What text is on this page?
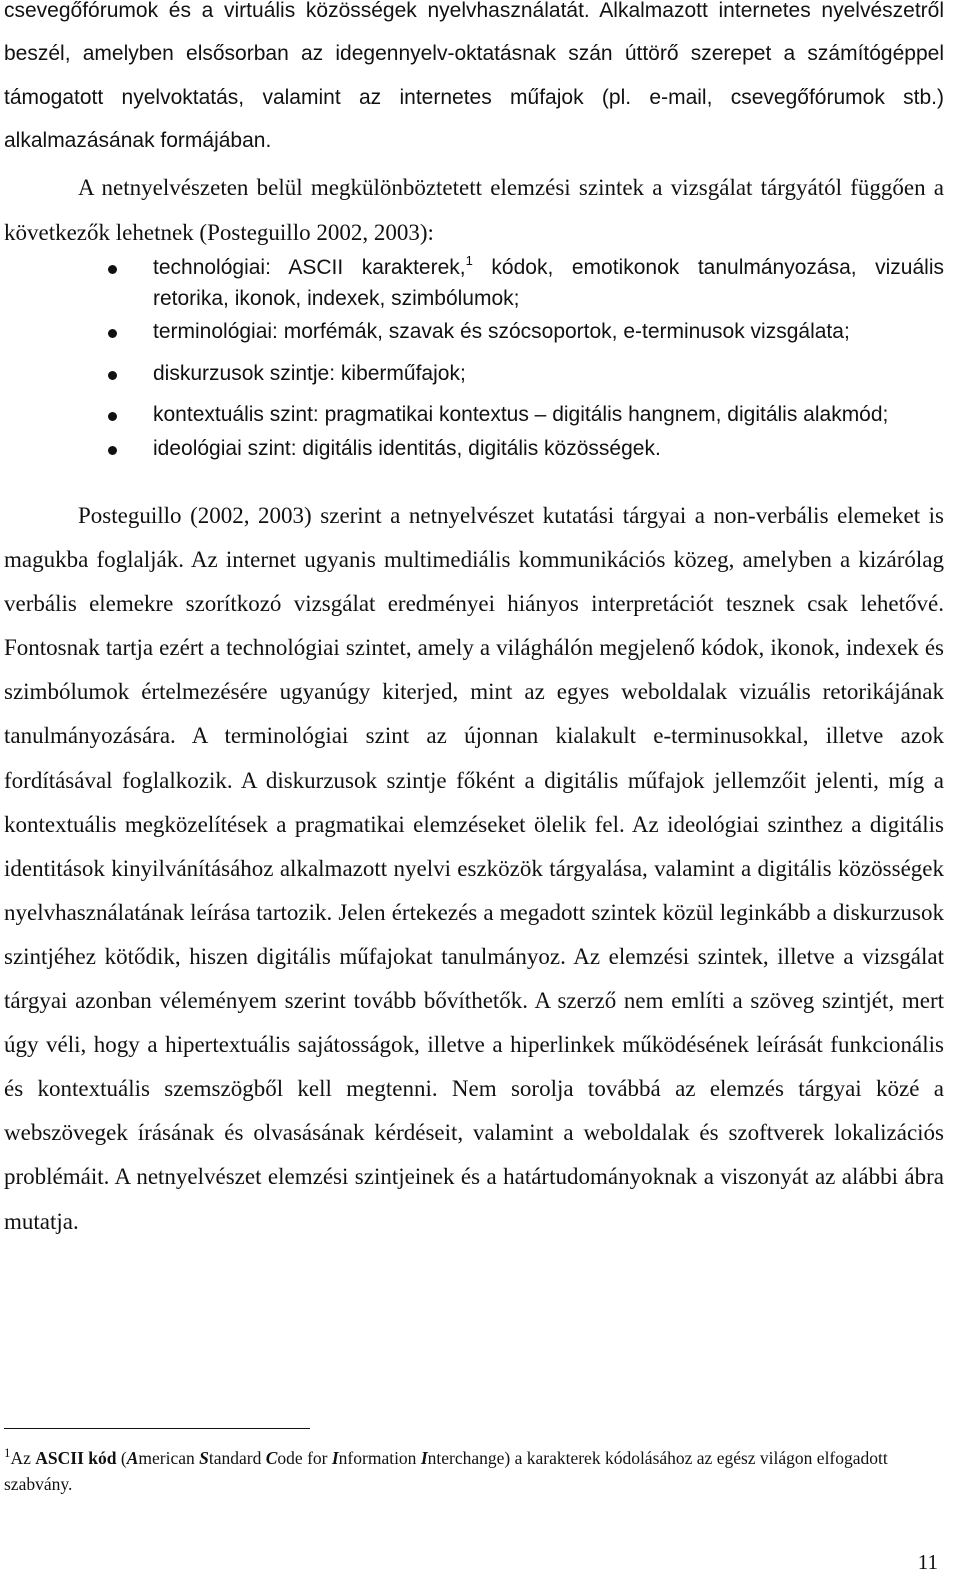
csevegőfórumok és a virtuális közösségek nyelvhasználatát. Alkalmazott internetes nyelvészetről beszél, amelyben elsősorban az idegennyelv-oktatásnak szán úttörő szerepet a számítógéppel támogatott nyelvoktatás, valamint az internetes műfajok (pl. e-mail, csevegőfórumok stb.) alkalmazásának formájában.

A netnyelvészeten belül megkülönböztetett elemzési szintek a vizsgálat tárgyától függően a következők lehetnek (Posteguillo 2002, 2003):

technológiai: ASCII karakterek,$^1$ kódok, emotikonok tanulmányozása, vizuális retorika, ikonok, indexek, szimbólumok;
terminológiai: morfémák, szavak és szócsoportok, e-terminusok vizsgálata;
diskurzusok szintje: kiberműfajok;
kontextuális szint: pragmatikai kontextus – digitális hangnem, digitális alakmód;
ideológiai szint: digitális identitás, digitális közösségek.

Posteguillo (2002, 2003) szerint a netnyelvészet kutatási tárgyai a non-verbális elemeket is magukba foglalják. Az internet ugyanis multimediális kommunikációs közeg, amelyben a kizárólag verbális elemekre szorítkozó vizsgálat eredményei hiányos interpretációt tesznek csak lehetővé. Fontosnak tartja ezért a technológiai szintet, amely a világhálón megjelenő kódok, ikonok, indexek és szimbólumok értelmezésére ugyanúgy kiterjed, mint az egyes weboldalak vizuális retorikájának tanulmányozására. A terminológiai szint az újonnan kialakult e-terminusokkal, illetve azok fordításával foglalkozik. A diskurzusok szintje főként a digitális műfajok jellemzőit jelenti, míg a kontextuális megközelítések a pragmatikai elemzéseket ölelik fel. Az ideológiai szinthez a digitális identitások kinyilvánításához alkalmazott nyelvi eszközök tárgyalása, valamint a digitális közösségek nyelvhasználatának leírása tartozik. Jelen értekezés a megadott szintek közül leginkább a diskurzusok szintjéhez kötődik, hiszen digitális műfajokat tanulmányoz. Az elemzési szintek, illetve a vizsgálat tárgyai azonban véleményem szerint tovább bővíthetők. A szerző nem említi a szöveg szintjét, mert úgy véli, hogy a hipertextuális sajátosságok, illetve a hiperlinkek működésének leírását funkcionális és kontextuális szemszögből kell megtenni. Nem sorolja továbbá az elemzés tárgyai közé a webszövegek írásának és olvasásának kérdéseit, valamint a weboldalak és szoftverek lokalizációs problémáit. A netnyelvészet elemzési szintjeinek és a határtudományoknak a viszonyát az alábbi ábra mutatja.

$^1$Az ASCII kód (American Standard Code for Information Interchange) a karakterek kódolásához az egész világon elfogadott szabvány.

11
